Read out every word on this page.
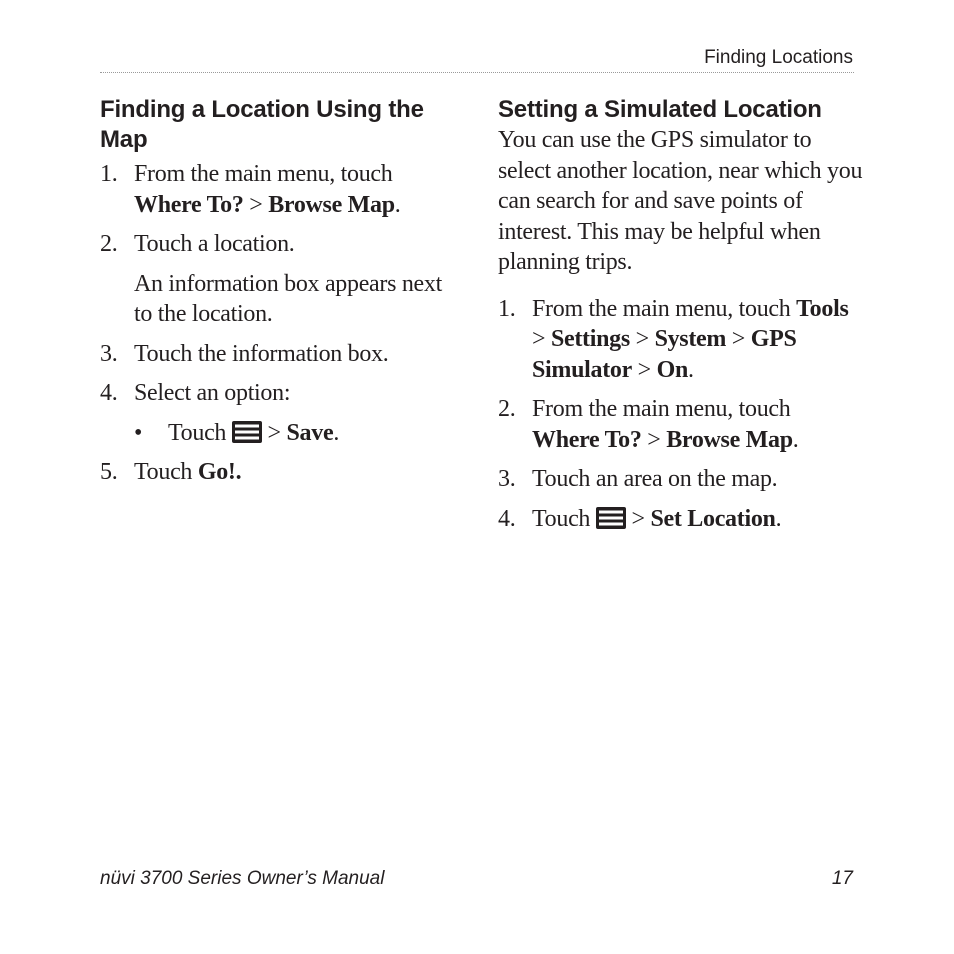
Finding Locations
Finding a Location Using the Map
1. From the main menu, touch
Where To? > Browse Map.
2. Touch a location.

An information box appears next to the location.

3. Touch the information box.
4. Select an option:
• Touch > Save.
5. Touch Go!.
Setting a Simulated Location

You can use the GPS simulator to select another location, near which you can search for and save points of interest. This may be helpful when planning trips.

1. From the main menu, touch Tools
> Settings > System > GPS Simulator > On.
2. From the main menu, touch
Where To? > Browse Map.
3. Touch an area on the map.
4. Touch > Set Location.
nüvi 3700 Series Owner’s Manual	17
